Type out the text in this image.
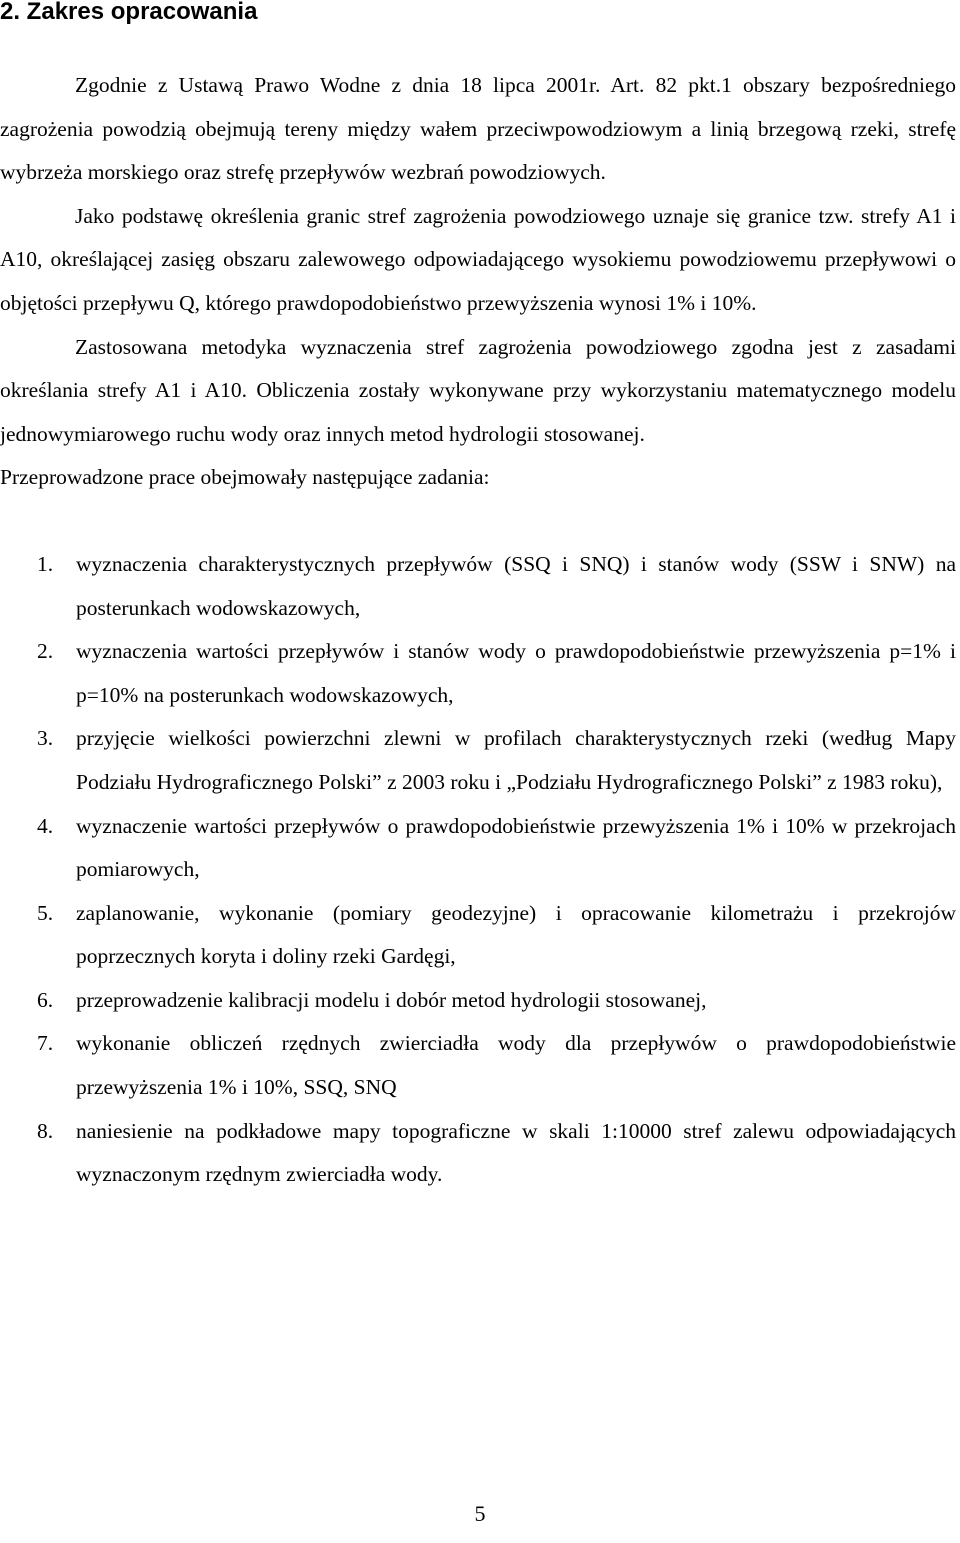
2. Zakres opracowania

Zgodnie z Ustawą Prawo Wodne z dnia 18 lipca 2001r. Art. 82 pkt.1 obszary bezpośredniego zagrożenia powodzią obejmują tereny między wałem przeciwpowodziowym a linią brzegową rzeki, strefę wybrzeża morskiego oraz strefę przepływów wezbrań powodziowych.

Jako podstawę określenia granic stref zagrożenia powodziowego uznaje się granice tzw. strefy A1 i A10, określającej zasięg obszaru zalewowego odpowiadającego wysokiemu powodziowemu przepływowi o objętości przepływu Q, którego prawdopodobieństwo przewyższenia wynosi 1% i 10%.

Zastosowana metodyka wyznaczenia stref zagrożenia powodziowego zgodna jest z zasadami określania strefy A1 i A10. Obliczenia zostały wykonywane przy wykorzystaniu matematycznego modelu jednowymiarowego ruchu wody oraz innych metod hydrologii stosowanej.

Przeprowadzone prace obejmowały następujące zadania:

1. wyznaczenia charakterystycznych przepływów (SSQ i SNQ) i stanów wody (SSW i SNW) na posterunkach wodowskazowych,
2. wyznaczenia wartości przepływów i stanów wody o prawdopodobieństwie przewyższenia p=1% i p=10% na posterunkach wodowskazowych,
3. przyjęcie wielkości powierzchni zlewni w profilach charakterystycznych rzeki (według Mapy Podziału Hydrograficznego Polski” z 2003 roku i „Podziału Hydrograficznego Polski” z 1983 roku),
4. wyznaczenie wartości przepływów o prawdopodobieństwie przewyższenia 1% i 10% w przekrojach pomiarowych,
5. zaplanowanie, wykonanie (pomiary geodezyjne) i opracowanie kilometrażu i przekrojów poprzecznych koryta i doliny rzeki Gardęgi,
6. przeprowadzenie kalibracji modelu i dobór metod hydrologii stosowanej,
7. wykonanie obliczeń rzędnych zwierciadła wody dla przepływów o prawdopodobieństwie przewyższenia 1% i 10%, SSQ, SNQ
8. naniesienie na podkładowe mapy topograficzne w skali 1:10000 stref zalewu odpowiadających wyznaczonym rzędnym zwierciadła wody.
5
